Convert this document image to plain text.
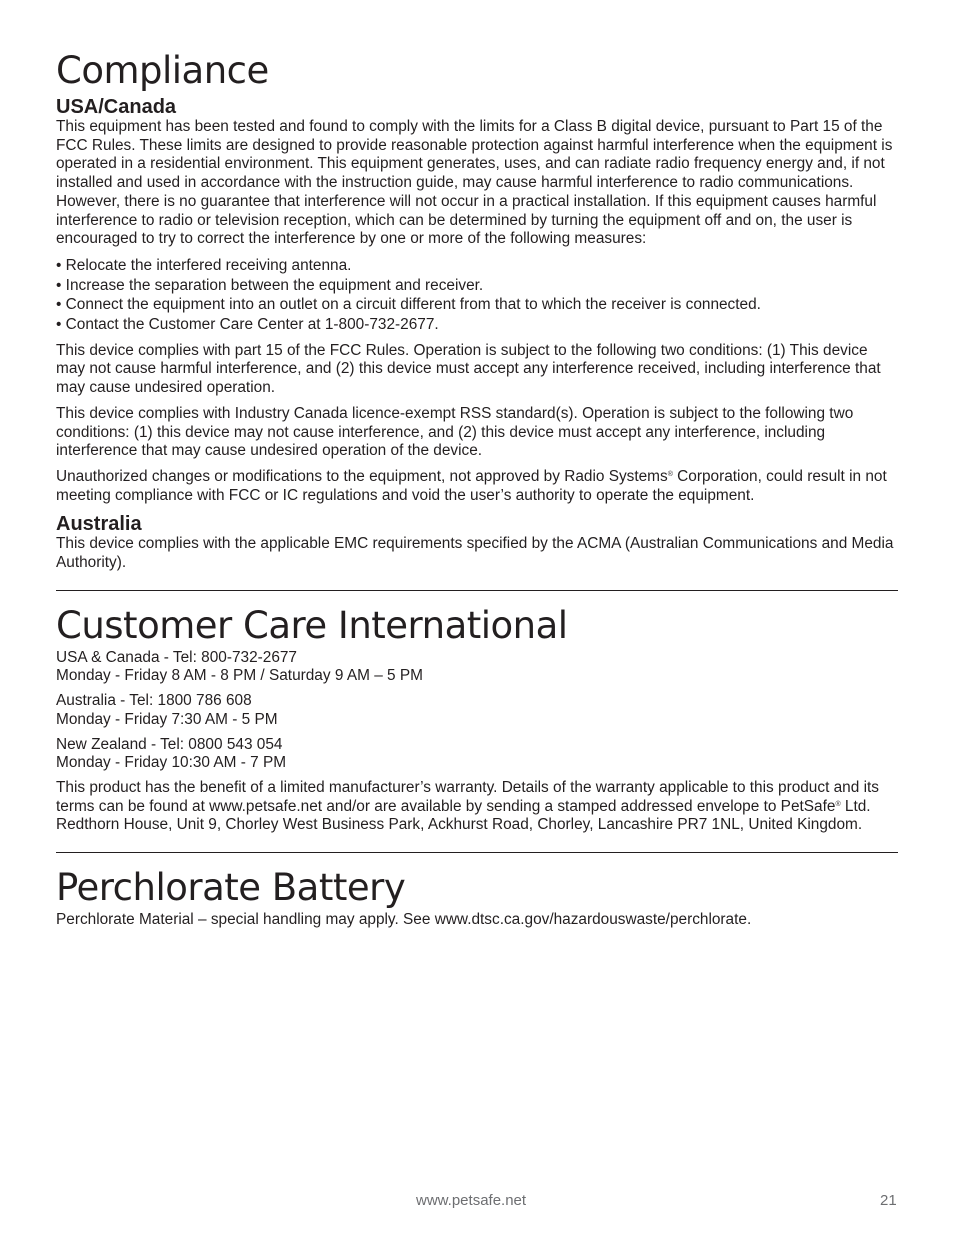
Compliance
USA/Canada

This equipment has been tested and found to comply with the limits for a Class B digital device, pursuant to Part 15 of the FCC Rules. These limits are designed to provide reasonable protection against harmful interference when the equipment is operated in a residential environment. This equipment generates, uses, and can radiate radio frequency energy and, if not installed and used in accordance with the instruction guide, may cause harmful interference to radio communications. However, there is no guarantee that interference will not occur in a practical installation. If this equipment causes harmful interference to radio or television reception, which can be determined by turning the equipment off and on, the user is encouraged to try to correct the interference by one or more of the following measures:

• Relocate the interfered receiving antenna.
• Increase the separation between the equipment and receiver.
• Connect the equipment into an outlet on a circuit different from that to which the receiver is connected.
• Contact the Customer Care Center at 1-800-732-2677.

This device complies with part 15 of the FCC Rules. Operation is subject to the following two conditions: (1) This device may not cause harmful interference, and (2) this device must accept any interference received, including interference that may cause undesired operation.

This device complies with Industry Canada licence-exempt RSS standard(s). Operation is subject to the following two conditions: (1) this device may not cause interference, and (2) this device must accept any interference, including interference that may cause undesired operation of the device.

Unauthorized changes or modifications to the equipment, not approved by Radio Systems® Corporation, could result in not meeting compliance with FCC or IC regulations and void the user’s authority to operate the equipment.

Australia

This device complies with the applicable EMC requirements specified by the ACMA (Australian Communications and Media Authority).

Customer Care International

USA & Canada - Tel: 800-732-2677
Monday - Friday 8 AM - 8 PM / Saturday 9 AM – 5 PM

Australia - Tel: 1800 786 608
Monday - Friday 7:30 AM - 5 PM

New Zealand - Tel: 0800 543 054
Monday - Friday 10:30 AM - 7 PM

This product has the benefit of a limited manufacturer’s warranty. Details of the warranty applicable to this product and its terms can be found at www.petsafe.net and/or are available by sending a stamped addressed envelope to PetSafe® Ltd. Redthorn House, Unit 9, Chorley West Business Park, Ackhurst Road, Chorley, Lancashire PR7 1NL, United Kingdom.

Perchlorate Battery

Perchlorate Material – special handling may apply. See www.dtsc.ca.gov/hazardouswaste/perchlorate.

www.petsafe.net	21
